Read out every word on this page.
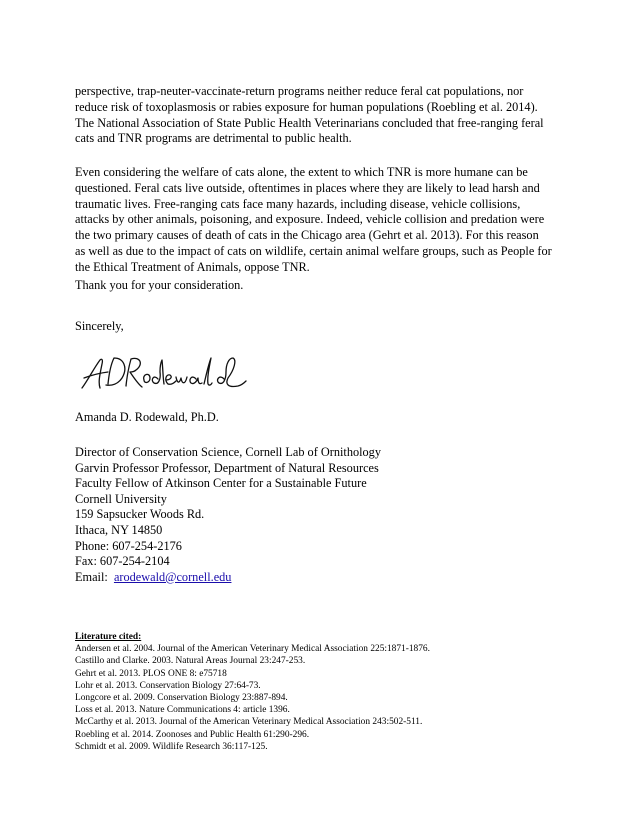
perspective, trap-neuter-vaccinate-return programs neither reduce feral cat populations, nor
reduce risk of toxoplasmosis or rabies exposure for human populations (Roebling et al. 2014).
The National Association of State Public Health Veterinarians concluded that free-ranging feral
cats and TNR programs are detrimental to public health.
Even considering the welfare of cats alone, the extent to which TNR is more humane can be
questioned. Feral cats live outside, oftentimes in places where they are likely to lead harsh and
traumatic lives. Free-ranging cats face many hazards, including disease, vehicle collisions,
attacks by other animals, poisoning, and exposure. Indeed, vehicle collision and predation were
the two primary causes of death of cats in the Chicago area (Gehrt et al. 2013). For this reason
as well as due to the impact of cats on wildlife, certain animal welfare groups, such as People for
the Ethical Treatment of Animals, oppose TNR.
Thank you for your consideration.
Sincerely,
Amanda D. Rodewald, Ph.D.
Director of Conservation Science, Cornell Lab of Ornithology
Garvin Professor Professor, Department of Natural Resources
Faculty Fellow of Atkinson Center for a Sustainable Future
Cornell University
159 Sapsucker Woods Rd.
Ithaca, NY 14850
Phone: 607-254-2176
Fax: 607-254-2104
Email:  arodewald@cornell.edu
Literature cited:
Andersen et al. 2004. Journal of the American Veterinary Medical Association 225:1871-1876.
Castillo and Clarke. 2003. Natural Areas Journal 23:247-253.
Gehrt et al. 2013. PLOS ONE 8: e75718
Lohr et al. 2013. Conservation Biology 27:64-73.
Longcore et al. 2009. Conservation Biology 23:887-894.
Loss et al. 2013. Nature Communications 4: article 1396.
McCarthy et al. 2013. Journal of the American Veterinary Medical Association 243:502-511.
Roebling et al. 2014. Zoonoses and Public Health 61:290-296.
Schmidt et al. 2009. Wildlife Research 36:117-125.
